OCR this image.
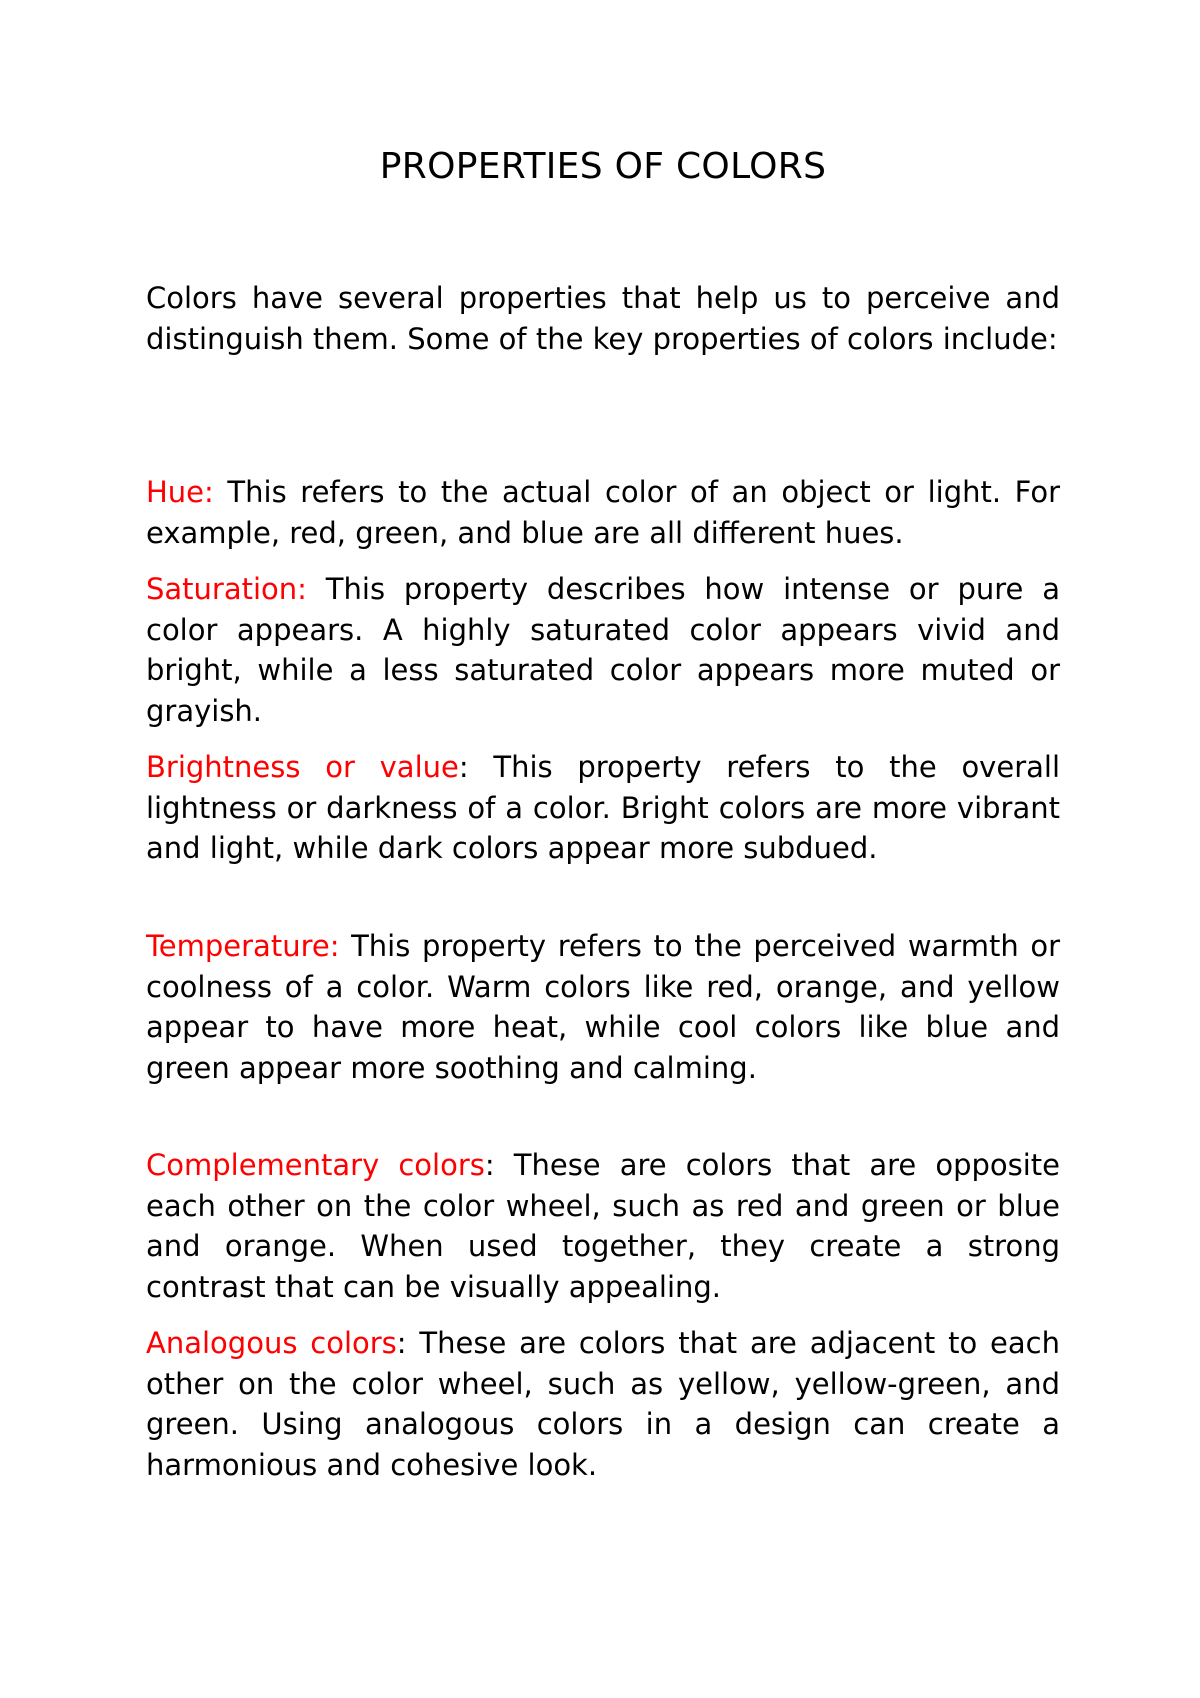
PROPERTIES OF COLORS

Colors have several properties that help us to perceive and distinguish them. Some of the key properties of colors include:

Hue: This refers to the actual color of an object or light. For example, red, green, and blue are all different hues.

Saturation: This property describes how intense or pure a color appears. A highly saturated color appears vivid and bright, while a less saturated color appears more muted or grayish.

Brightness or value: This property refers to the overall lightness or darkness of a color. Bright colors are more vibrant and light, while dark colors appear more subdued.

Temperature: This property refers to the perceived warmth or coolness of a color. Warm colors like red, orange, and yellow appear to have more heat, while cool colors like blue and green appear more soothing and calming.

Complementary colors: These are colors that are opposite each other on the color wheel, such as red and green or blue and orange. When used together, they create a strong contrast that can be visually appealing.

Analogous colors: These are colors that are adjacent to each other on the color wheel, such as yellow, yellow-green, and green. Using analogous colors in a design can create a harmonious and cohesive look.
